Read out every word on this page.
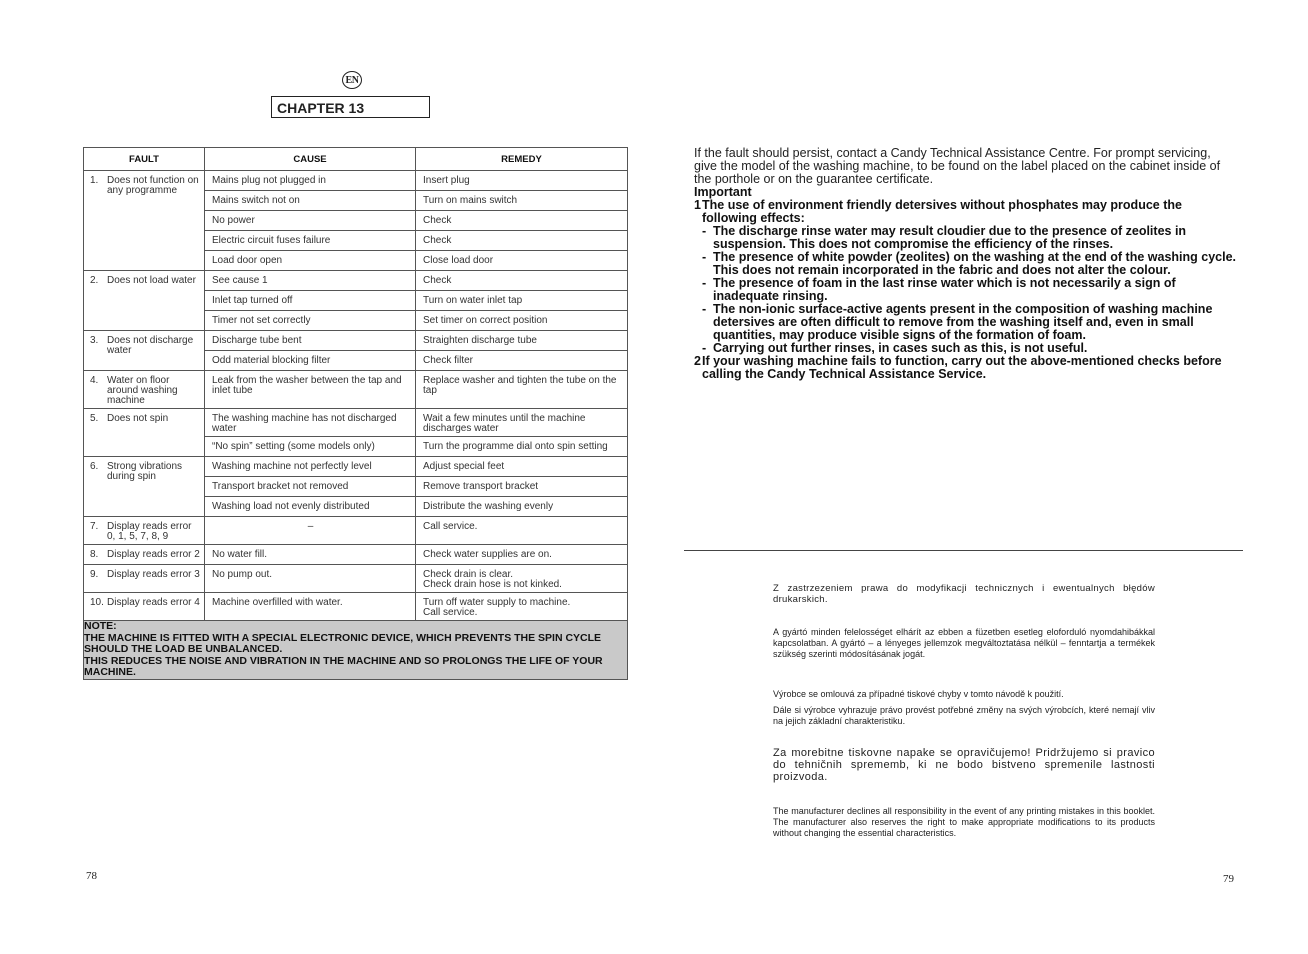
EN
CHAPTER 13
FAULT	CAUSE	REMEDY

1. Does not function on any programme	Mains plug not plugged in	Insert plug

	Mains switch not on	Turn on mains switch

	No power	Check

	Electric circuit fuses failure	Check

	Load door open	Close load door

2. Does not load water	See cause 1	Check

	Inlet tap turned off	Turn on water inlet tap

	Timer not set correctly	Set timer on correct position

3. Does not discharge water	Discharge tube bent	Straighten discharge tube

	Odd material blocking filter	Check filter

4. Water on floor around washing machine	Leak from the washer between the tap and inlet tube	Replace washer and tighten the tube on the tap

5. Does not spin	The washing machine has not discharged water	Wait a few minutes until the machine discharges water

	“No spin” setting (some models only)	Turn the programme dial onto spin setting

6. Strong vibrations during spin	Washing machine not perfectly level	Adjust special feet

	Transport bracket not removed	Remove transport bracket

	Washing load not evenly distributed	Distribute the washing evenly

7. Display reads error 0, 1, 5, 7, 8, 9	–	Call service.

8. Display reads error 2	No water fill.	Check water supplies are on.

9. Display reads error 3	No pump out.	Check drain is clear.
Check drain hose is not kinked.

10. Display reads error 4	Machine overfilled with water.	Turn off water supply to machine.
Call service.

NOTE:
THE MACHINE IS FITTED WITH A SPECIAL ELECTRONIC DEVICE, WHICH PREVENTS THE SPIN CYCLE SHOULD THE LOAD BE UNBALANCED.
THIS REDUCES THE NOISE AND VIBRATION IN THE MACHINE AND SO PROLONGS THE LIFE OF YOUR MACHINE.		

If the fault should persist, contact a Candy Technical Assistance Centre. For prompt servicing, give the model of the washing machine, to be found on the label placed on the cabinet inside of the porthole or on the guarantee certificate.

Important

1 The use of environment friendly detersives without phosphates may produce the following effects:
- The discharge rinse water may result cloudier due to the presence of zeolites in suspension. This does not compromise the efficiency of the rinses.
- The presence of white powder (zeolites) on the washing at the end of the washing cycle. This does not remain incorporated in the fabric and does not alter the colour.
- The presence of foam in the last rinse water which is not necessarily a sign of inadequate rinsing.
- The non-ionic surface-active agents present in the composition of washing machine detersives are often difficult to remove from the washing itself and, even in small quantities, may produce visible signs of the formation of foam.
- Carrying out further rinses, in cases such as this, is not useful.
2 If your washing machine fails to function, carry out the above-mentioned checks before calling the Candy Technical Assistance Service.
Z zastrzezeniem prawa do modyfikacji technicznych i ewentualnych błędów drukarskich.
A gyártó minden felelosséget elhárít az ebben a füzetben esetleg eloforduló nyomdahibákkal kapcsolatban. A gyártó – a lényeges jellemzok megváltoztatása nélkül – fenntartja a termékek szükség szerinti módosításának jogát.
Výrobce se omlouvá za případné tiskové chyby v tomto návodě k použití.
Dále si výrobce vyhrazuje právo provést potřebné změny na svých výrobcích, které nemají vliv na jejich základní charakteristiku.
Za morebitne tiskovne napake se opravičujemo! Pridržujemo si pravico do tehničnih sprememb, ki ne bodo bistveno spremenile lastnosti proizvoda.
The manufacturer declines all responsibility in the event of any printing mistakes in this booklet. The manufacturer also reserves the right to make appropriate modifications to its products without changing the essential characteristics.
78	79
